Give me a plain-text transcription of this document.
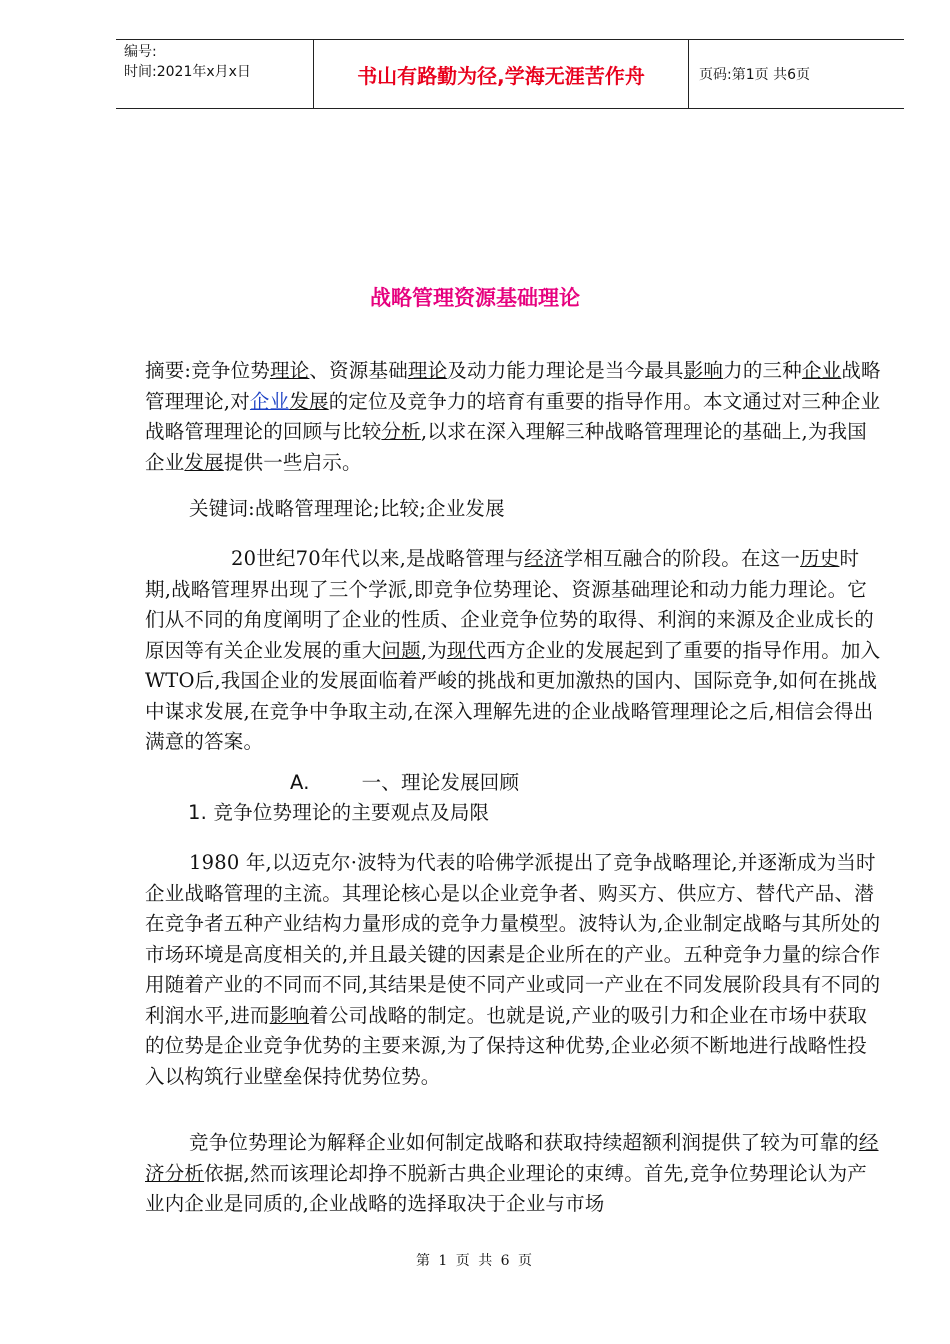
编号:
时间:2021年x月x日	书山有路勤为径,学海无涯苦作舟	页码:第1页 共6页
战略管理资源基础理论
摘要:竞争位势理论、资源基础理论及动力能力理论是当今最具影响力的三种企业战略管理理论,对企业发展的定位及竞争力的培育有重要的指导作用。本文通过对三种企业战略管理理论的回顾与比较分析,以求在深入理解三种战略管理理论的基础上,为我国企业发展提供一些启示。
关键词:战略管理理论;比较;企业发展
20世纪70年代以来,是战略管理与经济学相互融合的阶段。在这一历史时期,战略管理界出现了三个学派,即竞争位势理论、资源基础理论和动力能力理论。它们从不同的角度阐明了企业的性质、企业竞争位势的取得、利润的来源及企业成长的原因等有关企业发展的重大问题,为现代西方企业的发展起到了重要的指导作用。加入WTO后,我国企业的发展面临着严峻的挑战和更加激热的国内、国际竞争,如何在挑战中谋求发展,在竞争中争取主动,在深入理解先进的企业战略管理理论之后,相信会得出满意的答案。
A.	一、理论发展回顾
1. 竞争位势理论的主要观点及局限
1980 年,以迈克尔·波特为代表的哈佛学派提出了竞争战略理论,并逐渐成为当时企业战略管理的主流。其理论核心是以企业竞争者、购买方、供应方、替代产品、潜在竞争者五种产业结构力量形成的竞争力量模型。波特认为,企业制定战略与其所处的市场环境是高度相关的,并且最关键的因素是企业所在的产业。五种竞争力量的综合作用随着产业的不同而不同,其结果是使不同产业或同一产业在不同发展阶段具有不同的利润水平,进而影响着公司战略的制定。也就是说,产业的吸引力和企业在市场中获取的位势是企业竞争优势的主要来源,为了保持这种优势,企业必须不断地进行战略性投入以构筑行业壁垒保持优势位势。
竞争位势理论为解释企业如何制定战略和获取持续超额利润提供了较为可靠的经济分析依据,然而该理论却挣不脱新古典企业理论的束缚。首先,竞争位势理论认为产业内企业是同质的,企业战略的选择取决于企业与市场
第 1 页 共 6 页
